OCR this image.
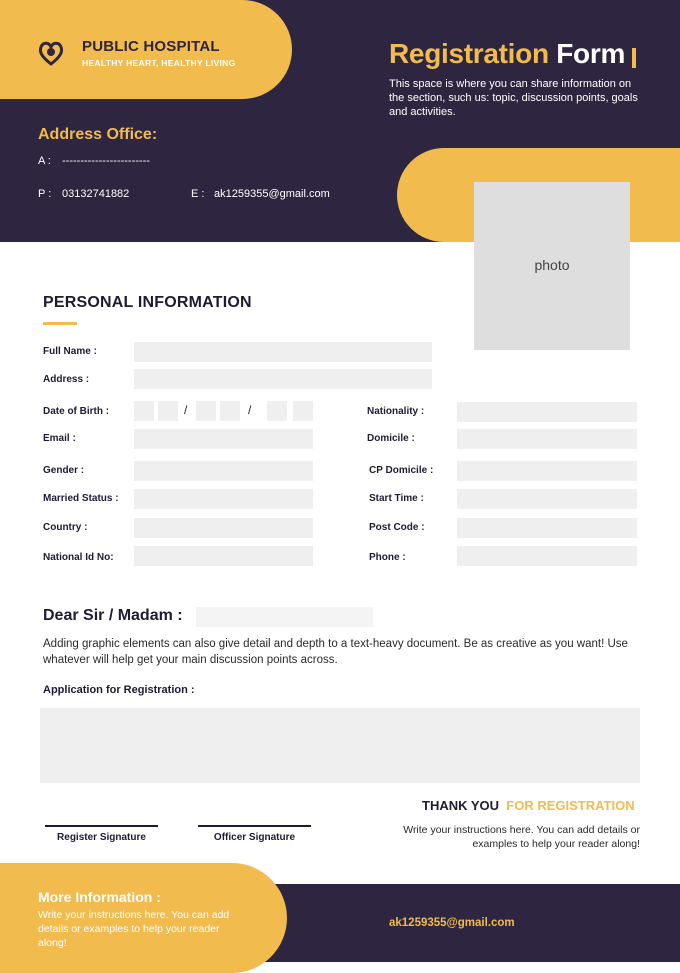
PUBLIC HOSPITAL
HEALTHY HEART, HEALTHY LIVING	Registration Form
This space is where you can share information on the section, such us: topic, discussion points, goals and activities.
Address Office:
A : ------------------------
P : 03132741882	E : ak1259355@gmail.com
photo
PERSONAL INFORMATION
Full Name :
Address :
Date of Birth :	/	/
Email :
Gender :
Married Status :
Country :
National Id No:
Nationality :
Domicile :
CP Domicile :
Start Time :
Post Code :
Phone :
Dear Sir / Madam :
Adding graphic elements can also give detail and depth to a text-heavy document. Be as creative as you want! Use whatever will help get your main discussion points across.
Application for Registration :
THANK YOU FOR REGISTRATION
Write your instructions here. You can add details or examples to help your reader along!
Register Signature	Officer Signature
More Information :
Write your instructions here. You can add details or examples to help your reader along!
ak1259355@gmail.com
